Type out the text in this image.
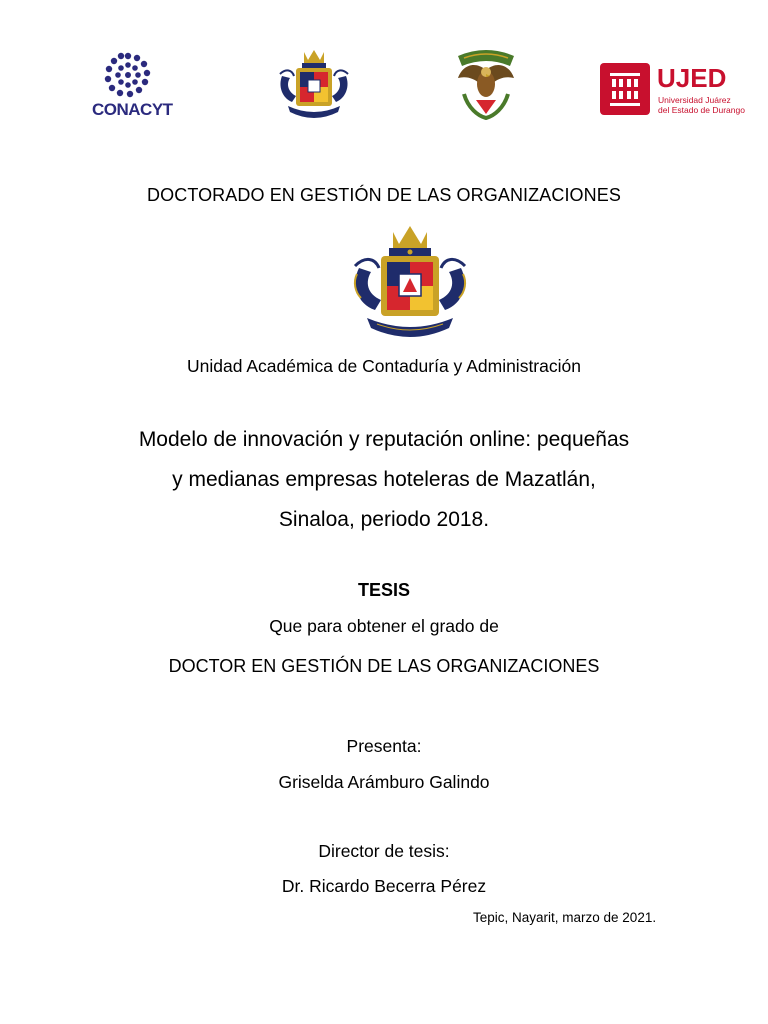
CONACYT
UJED
Universidad Juárez
del Estado de Durango
DOCTORADO EN GESTIÓN DE LAS ORGANIZACIONES
Unidad Académica de Contaduría y Administración
Modelo de innovación y reputación online: pequeñas
y medianas empresas hoteleras de Mazatlán,
Sinaloa, periodo 2018.
TESIS
Que para obtener el grado de
DOCTOR EN GESTIÓN DE LAS ORGANIZACIONES
Presenta:
Griselda Arámburo Galindo
Director de tesis:
Dr. Ricardo Becerra Pérez
Tepic, Nayarit, marzo de 2021.
